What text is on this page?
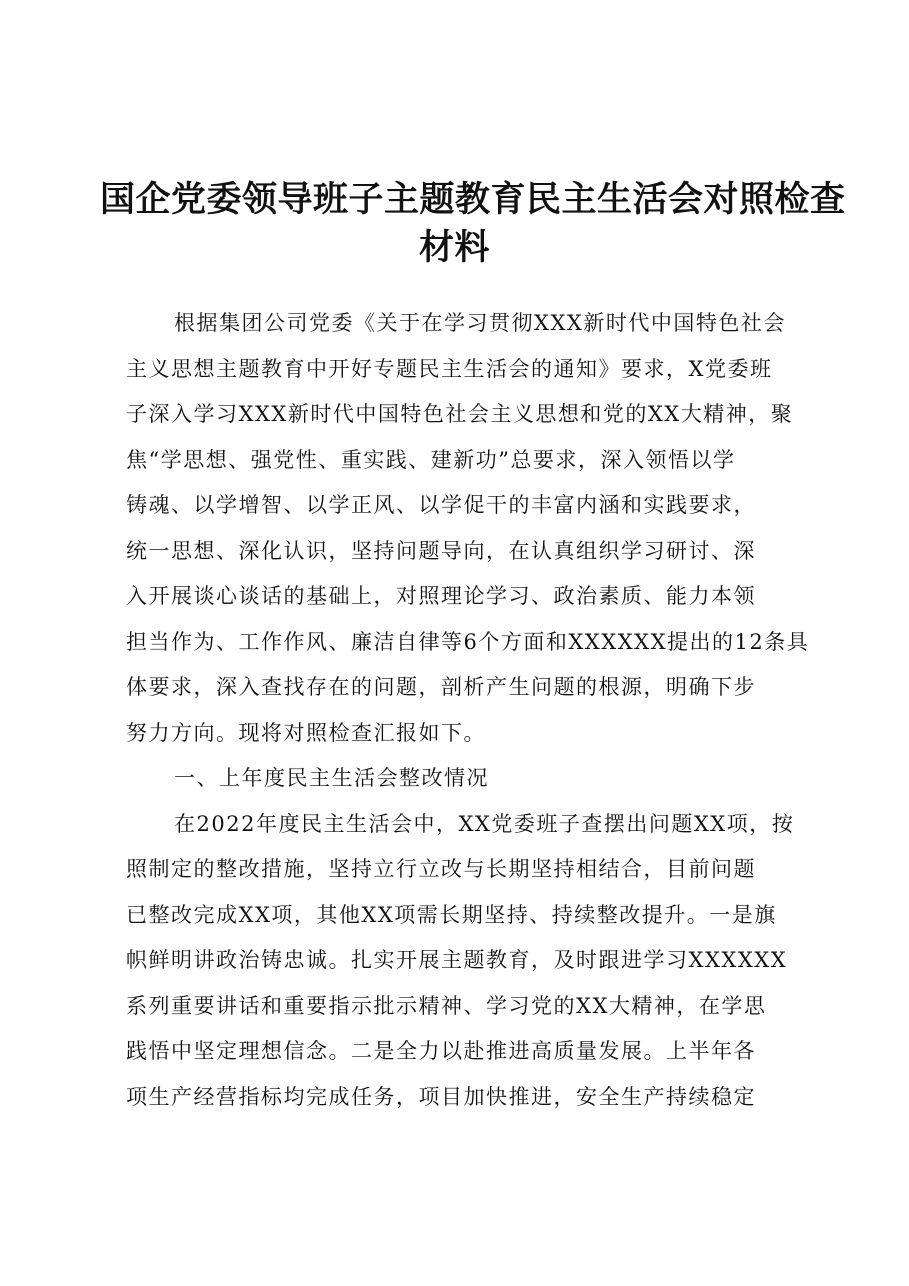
国企党委领导班子主题教育民主生活会对照检查
材料
根据集团公司党委《关于在学习贯彻XXX新时代中国特色社会
主义思想主题教育中开好专题民主生活会的通知》要求，X党委班
子深入学习XXX新时代中国特色社会主义思想和党的XX大精神，聚
焦“学思想、强党性、重实践、建新功”总要求，深入领悟以学
铸魂、以学增智、以学正风、以学促干的丰富内涵和实践要求，
统一思想、深化认识，坚持问题导向，在认真组织学习研讨、深
入开展谈心谈话的基础上，对照理论学习、政治素质、能力本领
担当作为、工作作风、廉洁自律等6个方面和XXXXXX提出的12条具
体要求，深入查找存在的问题，剖析产生问题的根源，明确下步
努力方向。现将对照检查汇报如下。
一、上年度民主生活会整改情况
在2022年度民主生活会中，XX党委班子查摆出问题XX项，按
照制定的整改措施，坚持立行立改与长期坚持相结合，目前问题
已整改完成XX项，其他XX项需长期坚持、持续整改提升。一是旗
帜鲜明讲政治铸忠诚。扎实开展主题教育，及时跟进学习XXXXXX
系列重要讲话和重要指示批示精神、学习党的XX大精神，在学思
践悟中坚定理想信念。二是全力以赴推进高质量发展。上半年各
项生产经营指标均完成任务，项目加快推进，安全生产持续稳定
